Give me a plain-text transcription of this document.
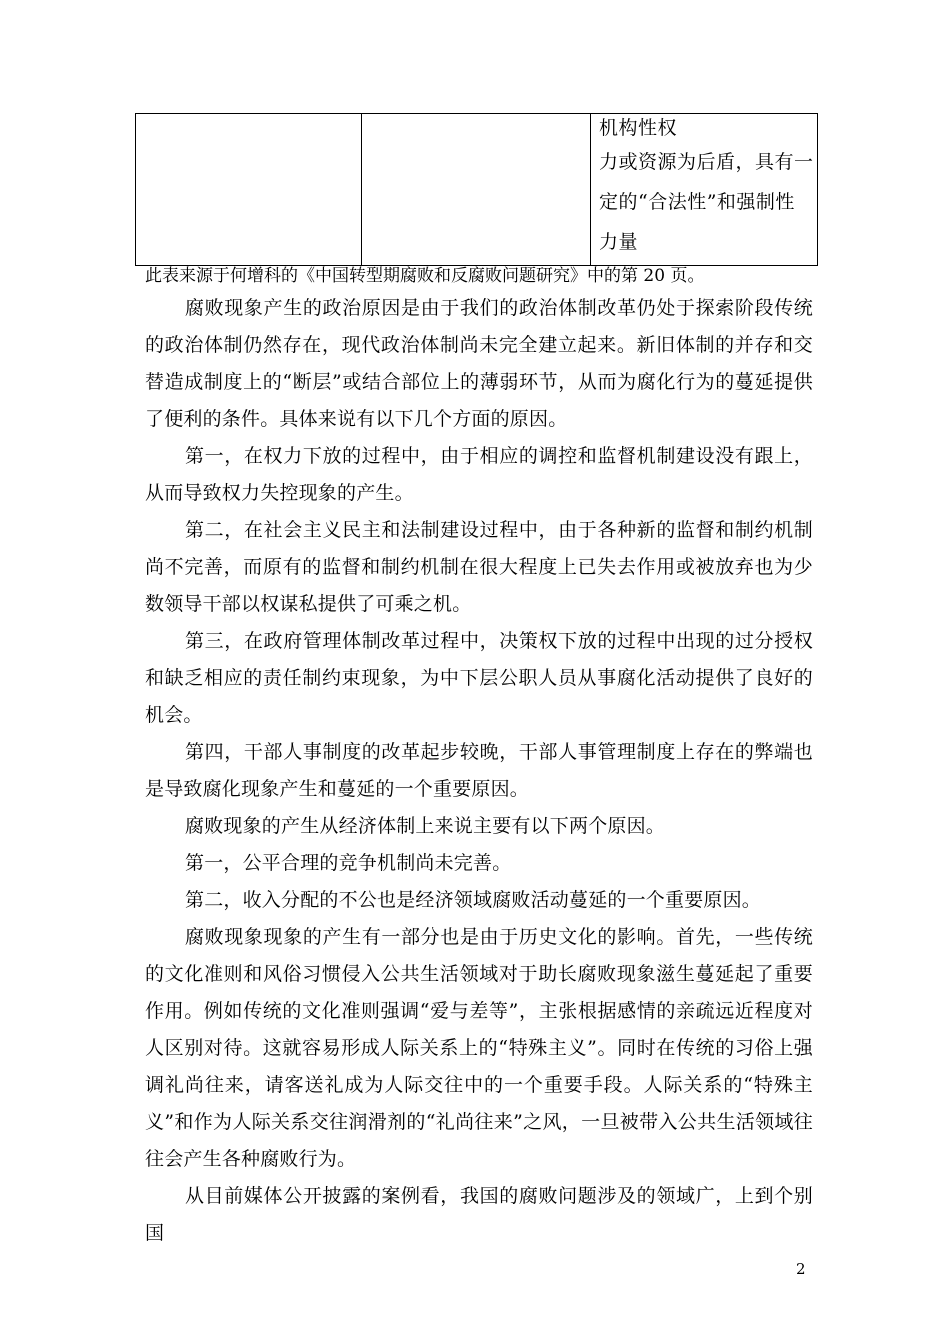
机构性权
力或资源为后盾，具有一
定的“合法性”和强制性
力量
此表来源于何增科的《中国转型期腐败和反腐败问题研究》中的第 20 页。

腐败现象产生的政治原因是由于我们的政治体制改革仍处于探索阶段传统的政治体制仍然存在，现代政治体制尚未完全建立起来。新旧体制的并存和交替造成制度上的“断层”或结合部位上的薄弱环节，从而为腐化行为的蔓延提供了便利的条件。具体来说有以下几个方面的原因。

第一，在权力下放的过程中，由于相应的调控和监督机制建设没有跟上，从而导致权力失控现象的产生。

第二，在社会主义民主和法制建设过程中，由于各种新的监督和制约机制尚不完善，而原有的监督和制约机制在很大程度上已失去作用或被放弃也为少数领导干部以权谋私提供了可乘之机。

第三，在政府管理体制改革过程中，决策权下放的过程中出现的过分授权和缺乏相应的责任制约束现象，为中下层公职人员从事腐化活动提供了良好的机会。

第四，干部人事制度的改革起步较晚，干部人事管理制度上存在的弊端也是导致腐化现象产生和蔓延的一个重要原因。

腐败现象的产生从经济体制上来说主要有以下两个原因。

第一，公平合理的竞争机制尚未完善。

第二，收入分配的不公也是经济领域腐败活动蔓延的一个重要原因。

腐败现象现象的产生有一部分也是由于历史文化的影响。首先，一些传统的文化准则和风俗习惯侵入公共生活领域对于助长腐败现象滋生蔓延起了重要作用。例如传统的文化准则强调“爱与差等”，主张根据感情的亲疏远近程度对人区别对待。这就容易形成人际关系上的“特殊主义”。同时在传统的习俗上强调礼尚往来，请客送礼成为人际交往中的一个重要手段。人际关系的“特殊主义”和作为人际关系交往润滑剂的“礼尚往来”之风，一旦被带入公共生活领域往往会产生各种腐败行为。

从目前媒体公开披露的案例看，我国的腐败问题涉及的领域广，上到个别国

2
